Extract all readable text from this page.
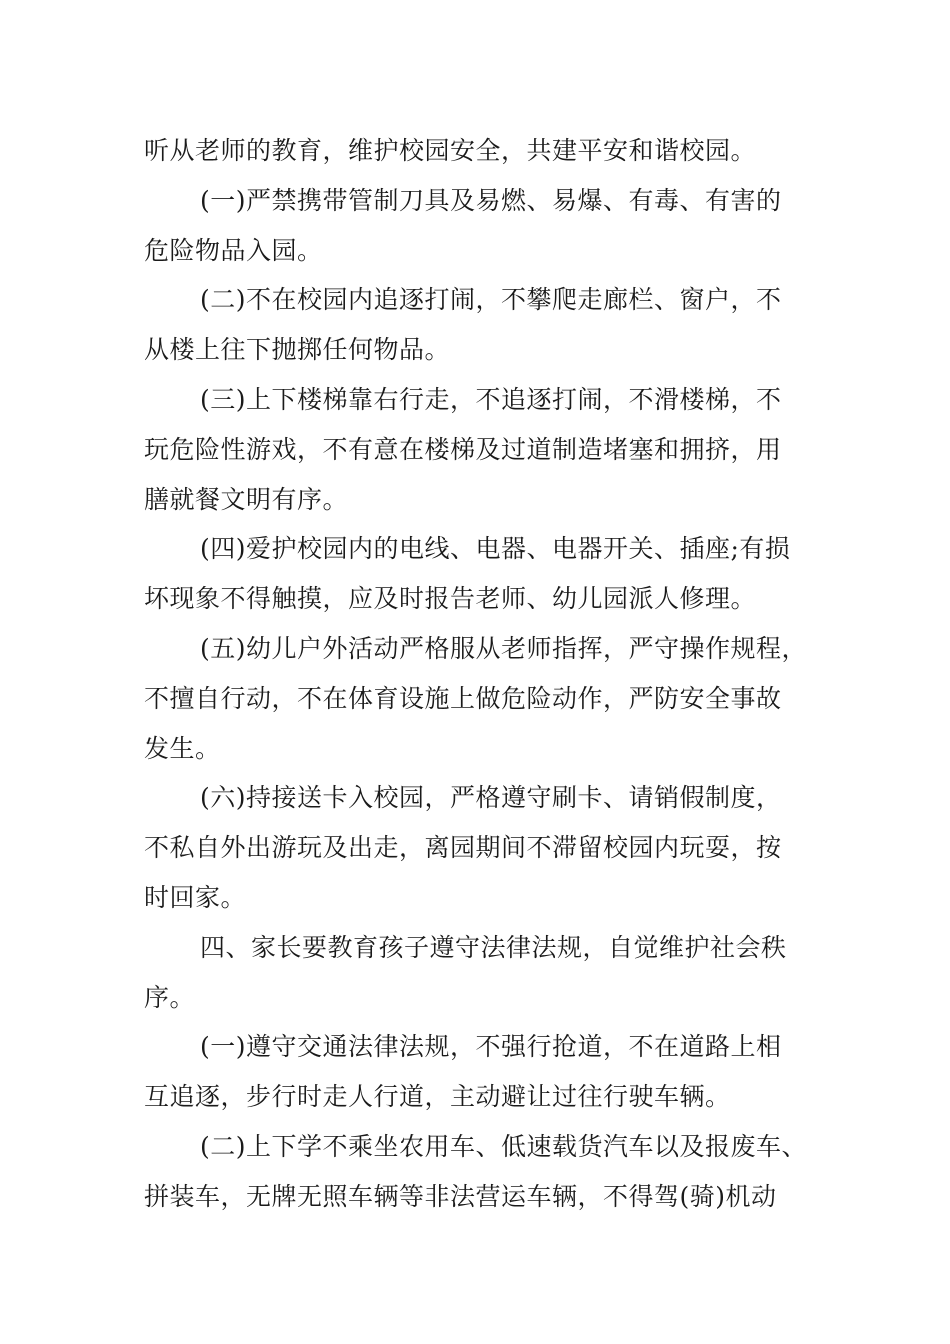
听从老师的教育，维护校园安全，共建平安和谐校园。
(一)严禁携带管制刀具及易燃、易爆、有毒、有害的
危险物品入园。
(二)不在校园内追逐打闹，不攀爬走廊栏、窗户，不
从楼上往下抛掷任何物品。
(三)上下楼梯靠右行走，不追逐打闹，不滑楼梯，不
玩危险性游戏，不有意在楼梯及过道制造堵塞和拥挤，用
膳就餐文明有序。
(四)爱护校园内的电线、电器、电器开关、插座;有损
坏现象不得触摸，应及时报告老师、幼儿园派人修理。
(五)幼儿户外活动严格服从老师指挥，严守操作规程，
不擅自行动，不在体育设施上做危险动作，严防安全事故
发生。
(六)持接送卡入校园，严格遵守刷卡、请销假制度，
不私自外出游玩及出走，离园期间不滞留校园内玩耍，按
时回家。
四、家长要教育孩子遵守法律法规，自觉维护社会秩
序。
(一)遵守交通法律法规，不强行抢道，不在道路上相
互追逐，步行时走人行道，主动避让过往行驶车辆。
(二)上下学不乘坐农用车、低速载货汽车以及报废车、
拼装车，无牌无照车辆等非法营运车辆，不得驾(骑)机动
